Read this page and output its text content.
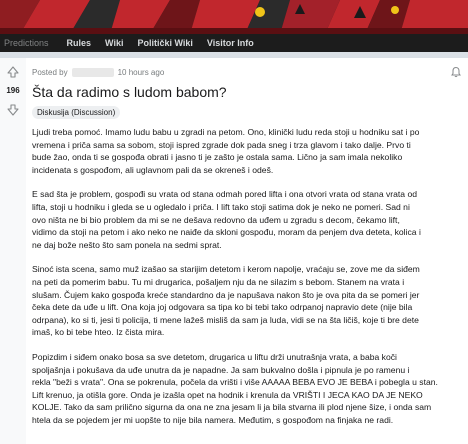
Predictions Rules Wiki Politički Wiki Visitor Info
196
Posted by	10 hours ago
Šta da radimo s ludom babom?
Diskusija (Discussion)

Ljudi treba pomoć. Imamo ludu babu u zgradi na petom. Ono, klinički ludu reda stoji u hodniku sat i po
vremena i priča sama sa sobom, stoji ispred zgrade dok pada sneg i trza glavom i tako dalje. Prvo ti
bude žao, onda ti se gospođa obrati i jasno ti je zašto je ostala sama. Lično ja sam imala nekoliko
incidenata s gospođom, ali uglavnom pali da se okreneš i odeš.

E sad šta je problem, gospođi su vrata od stana odmah pored lifta i ona otvori vrata od stana vrata od
lifta, stoji u hodniku i gleda se u ogledalo i priča. I lift tako stoji satima dok je neko ne pomeri. Sad ni
ovo ništa ne bi bio problem da mi se ne dešava redovno da uđem u zgradu s decom, čekamo lift,
vidimo da stoji na petom i ako neko ne naiđe da skloni gospođu, moram da penjem dva deteta, kolica i
ne daj bože nešto što sam ponela na sedmi sprat.

Sinoć ista scena, samo muž izašao sa starijim detetom i kerom napolje, vraćaju se, zove me da siđem
na peti da pomerim babu. Tu mi drugarica, pošaljem nju da ne silazim s bebom. Stanem na vrata i
slušam. Čujem kako gospođa kreće standardno da je napušava nakon što je ova pita da se pomeri jer
čeka dete da uđe u lift. Ona koja joj odgovara sa tipa ko bi tebi tako odrpanoj napravio dete (nije bila
odrpana), ko si ti, jesi ti policija, ti mene lažeš misliš da sam ja luda, vidi se na šta ličiš, koje ti bre dete
imaš, ko bi tebe hteo. Iz čista mira.

Popizdim i siđem onako bosa sa sve detetom, drugarica u liftu drži unutrašnja vrata, a baba koči
spoljašnja i pokušava da uđe unutra da je napadne. Ja sam bukvalno došla i pipnula je po ramenu i
rekla "beži s vrata". Ona se pokrenula, počela da vrišti i više AAAAA BEBA EVO JE BEBA i pobegla u stan.
Lift krenuo, ja otišla gore. Onda je izašla opet na hodnik i krenula da VRIŠTI I JECA KAO DA JE NEKO
KOLJE. Tako da sam prilično sigurna da ona ne zna jesam li ja bila stvarna ili plod njene šize, i onda sam
htela da se pojedem jer mi uopšte to nije bila namera. Međutim, s gospođom na finjaka ne radi.
